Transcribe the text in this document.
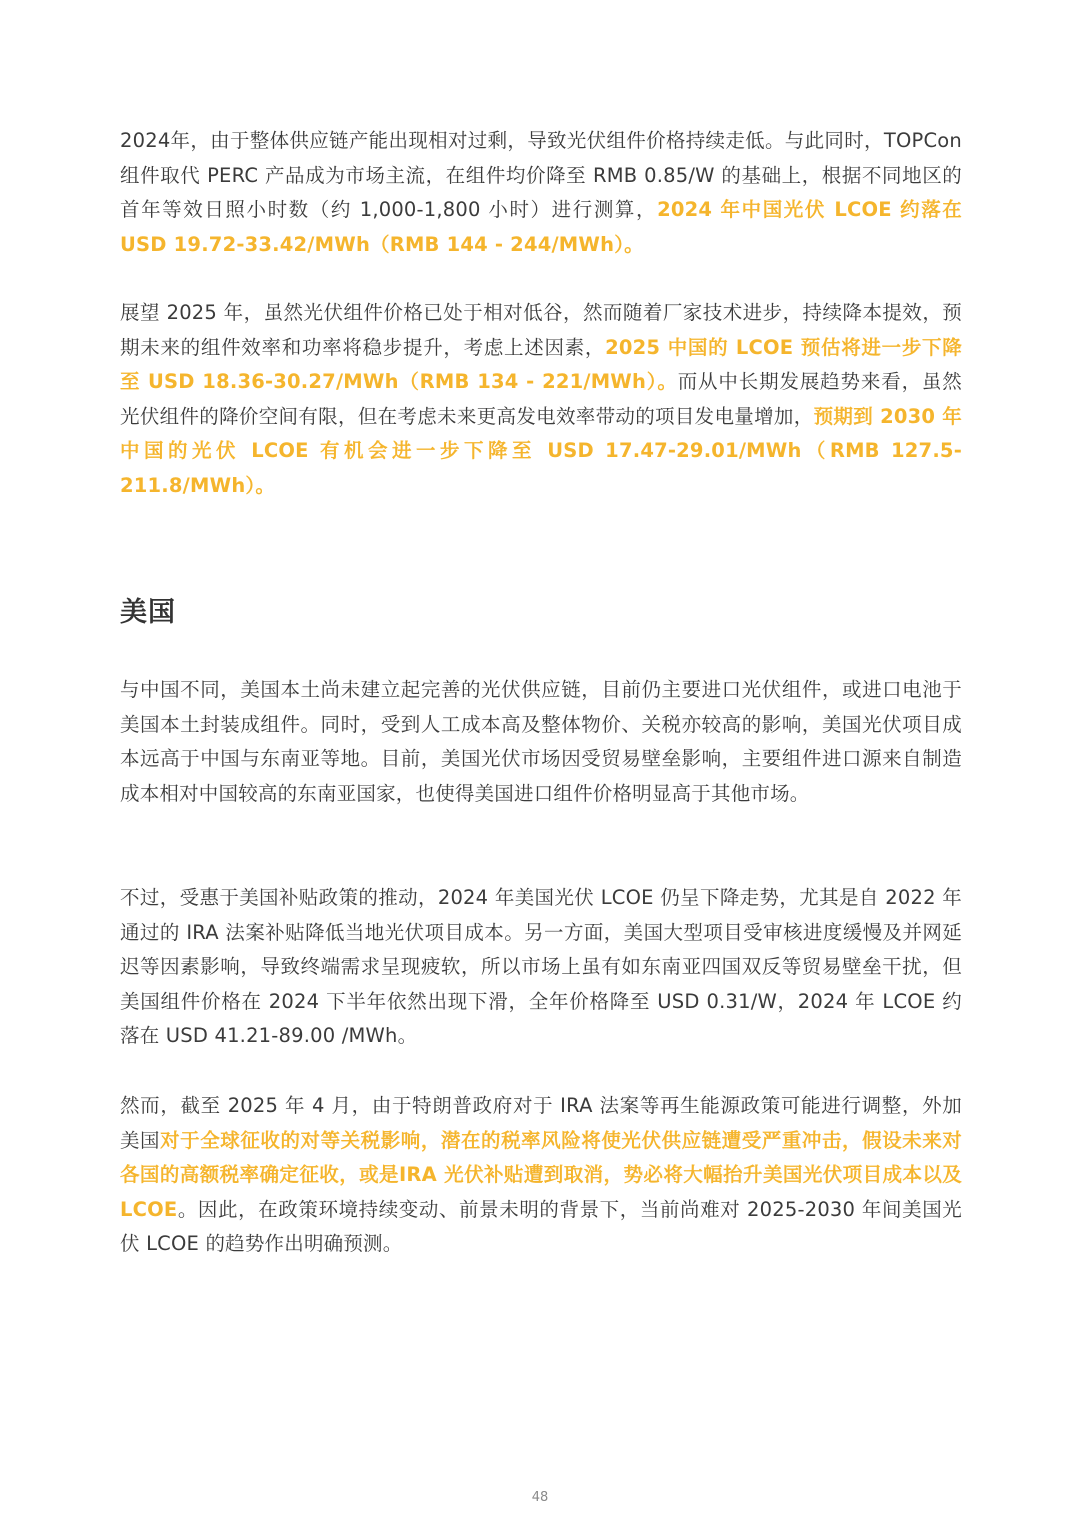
2024年，由于整体供应链产能出现相对过剩，导致光伏组件价格持续走低。与此同时，TOPCon 组件取代 PERC 产品成为市场主流，在组件均价降至 RMB 0.85/W 的基础上，根据不同地区的首年等效日照小时数（约 1,000-1,800 小时）进行测算，2024 年中国光伏 LCOE 约落在 USD 19.72-33.42/MWh（RMB 144 - 244/MWh）。

展望 2025 年，虽然光伏组件价格已处于相对低谷，然而随着厂家技术进步，持续降本提效，预期未来的组件效率和功率将稳步提升，考虑上述因素，2025 中国的 LCOE 预估将进一步下降至 USD 18.36-30.27/MWh（RMB 134 - 221/MWh）。而从中长期发展趋势来看，虽然光伏组件的降价空间有限，但在考虑未来更高发电效率带动的项目发电量增加，预期到 2030 年中国的光伏 LCOE 有机会进一步下降至 USD 17.47-29.01/MWh（RMB 127.5-211.8/MWh）。

美国

与中国不同，美国本土尚未建立起完善的光伏供应链，目前仍主要进口光伏组件，或进口电池于美国本土封装成组件。同时，受到人工成本高及整体物价、关税亦较高的影响，美国光伏项目成本远高于中国与东南亚等地。目前，美国光伏市场因受贸易壁垒影响，主要组件进口源来自制造成本相对中国较高的东南亚国家，也使得美国进口组件价格明显高于其他市场。

不过，受惠于美国补贴政策的推动，2024 年美国光伏 LCOE 仍呈下降走势，尤其是自 2022 年通过的 IRA 法案补贴降低当地光伏项目成本。另一方面，美国大型项目受审核进度缓慢及并网延迟等因素影响，导致终端需求呈现疲软，所以市场上虽有如东南亚四国双反等贸易壁垒干扰，但美国组件价格在 2024 下半年依然出现下滑，全年价格降至 USD 0.31/W，2024 年 LCOE 约落在 USD 41.21-89.00 /MWh。

然而，截至 2025 年 4 月，由于特朗普政府对于 IRA 法案等再生能源政策可能进行调整，外加美国对于全球征收的对等关税影响，潜在的税率风险将使光伏供应链遭受严重冲击，假设未来对各国的高额税率确定征收，或是IRA 光伏补贴遭到取消，势必将大幅抬升美国光伏项目成本以及 LCOE。因此，在政策环境持续变动、前景未明的背景下，当前尚难对 2025-2030 年间美国光伏 LCOE 的趋势作出明确预测。

48
